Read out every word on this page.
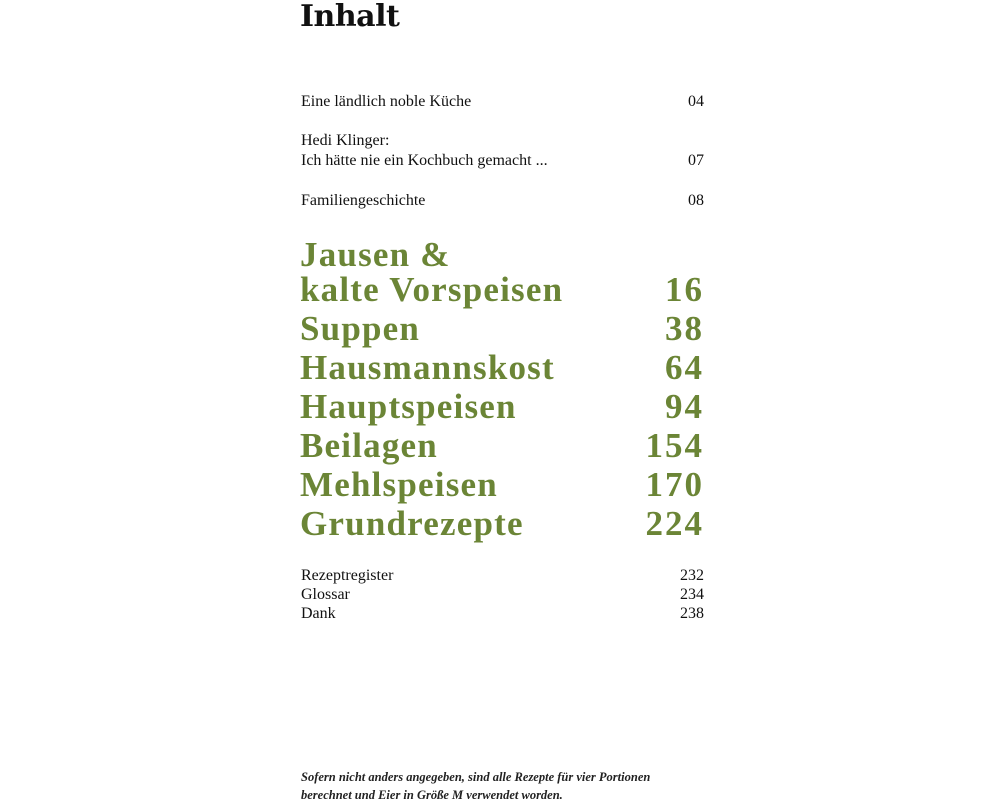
Inhalt
Eine ländlich noble Küche	04
Hedi Klinger:
Ich hätte nie ein Kochbuch gemacht ...	07
Familiengeschichte	08
Jausen &
kalte Vorspeisen	16
Suppen	38
Hausmannskost	64
Hauptspeisen	94
Beilagen	154
Mehlspeisen	170
Grundrezepte	224
Rezeptregister	232
Glossar	234
Dank	238
Sofern nicht anders angegeben, sind alle Rezepte für vier Portionen
berechnet und Eier in Größe M verwendet worden.
